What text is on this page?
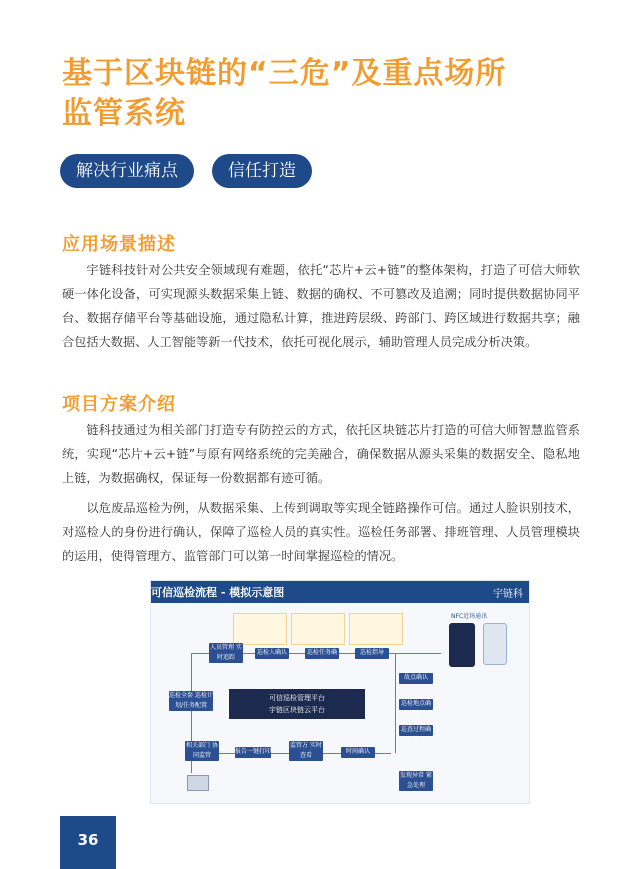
基于区块链的“三危”及重点场所
监管系统
解决行业痛点	信任打造
应用场景描述

宇链科技针对公共安全领域现有难题，依托“芯片+云+链”的整体架构，打造了可信大师软硬一体化设备，可实现源头数据采集上链、数据的确权、不可篡改及追溯；同时提供数据协同平台、数据存储平台等基础设施，通过隐私计算，推进跨层级、跨部门、跨区域进行数据共享；融合包括大数据、人工智能等新一代技术，依托可视化展示，辅助管理人员完成分析决策。

项目方案介绍

链科技通过为相关部门打造专有防控云的方式，依托区块链芯片打造的可信大师智慧监管系统，实现“芯片+云+链”与原有网络系统的完美融合，确保数据从源头采集的数据安全、隐私地上链，为数据确权，保证每一份数据都有迹可循。

以危废品巡检为例，从数据采集、上传到调取等实现全链路操作可信。通过人脸识别技术，对巡检人的身份进行确认，保障了巡检人员的真实性。巡检任务部署、排班管理、人员管理模块的运用，使得管理方、监管部门可以第一时间掌握巡检的情况。

可信巡检流程 - 模拟示意图	宇链科
人员管理 实时追踪
巡检人确认	巡检任务确认
巡检指导
巡检全套 巡检计划/任务配置
可信巡检管理平台
宇链区块链云平台
相关部门 协同监管
报告一键打印
监管方 实时查看
时间确认
故点确认
巡检地点确认
巡查过程确认
发现异常 紧急处理
NFC近场通讯
36
